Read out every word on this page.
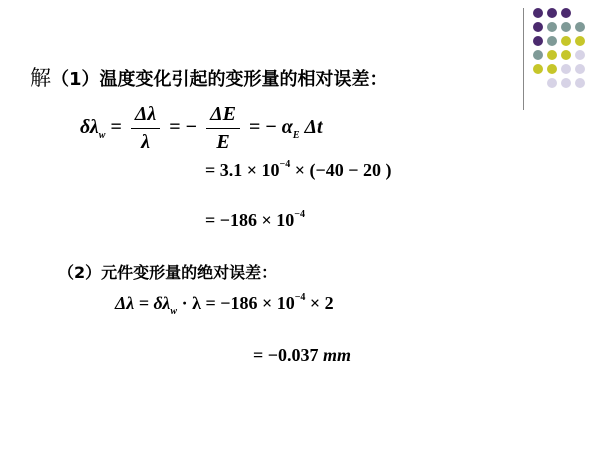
解（1）温度变化引起的变形量的相对误差：
$\delta\lambda_w = \frac{\Delta\lambda}{\lambda}$ = − $\frac{\Delta E}{E}$ = − $\alpha_E$ Δt
= $3.1 \times 10^{-4} \times (-40 - 20$ )
= $-186 \times 10^{-4}$
（2）元件变形量的绝对误差：
$\Delta\lambda = \delta\lambda_w \cdot \lambda = -186 \times 10^{-4} \times 2$
= −0.037 mm
